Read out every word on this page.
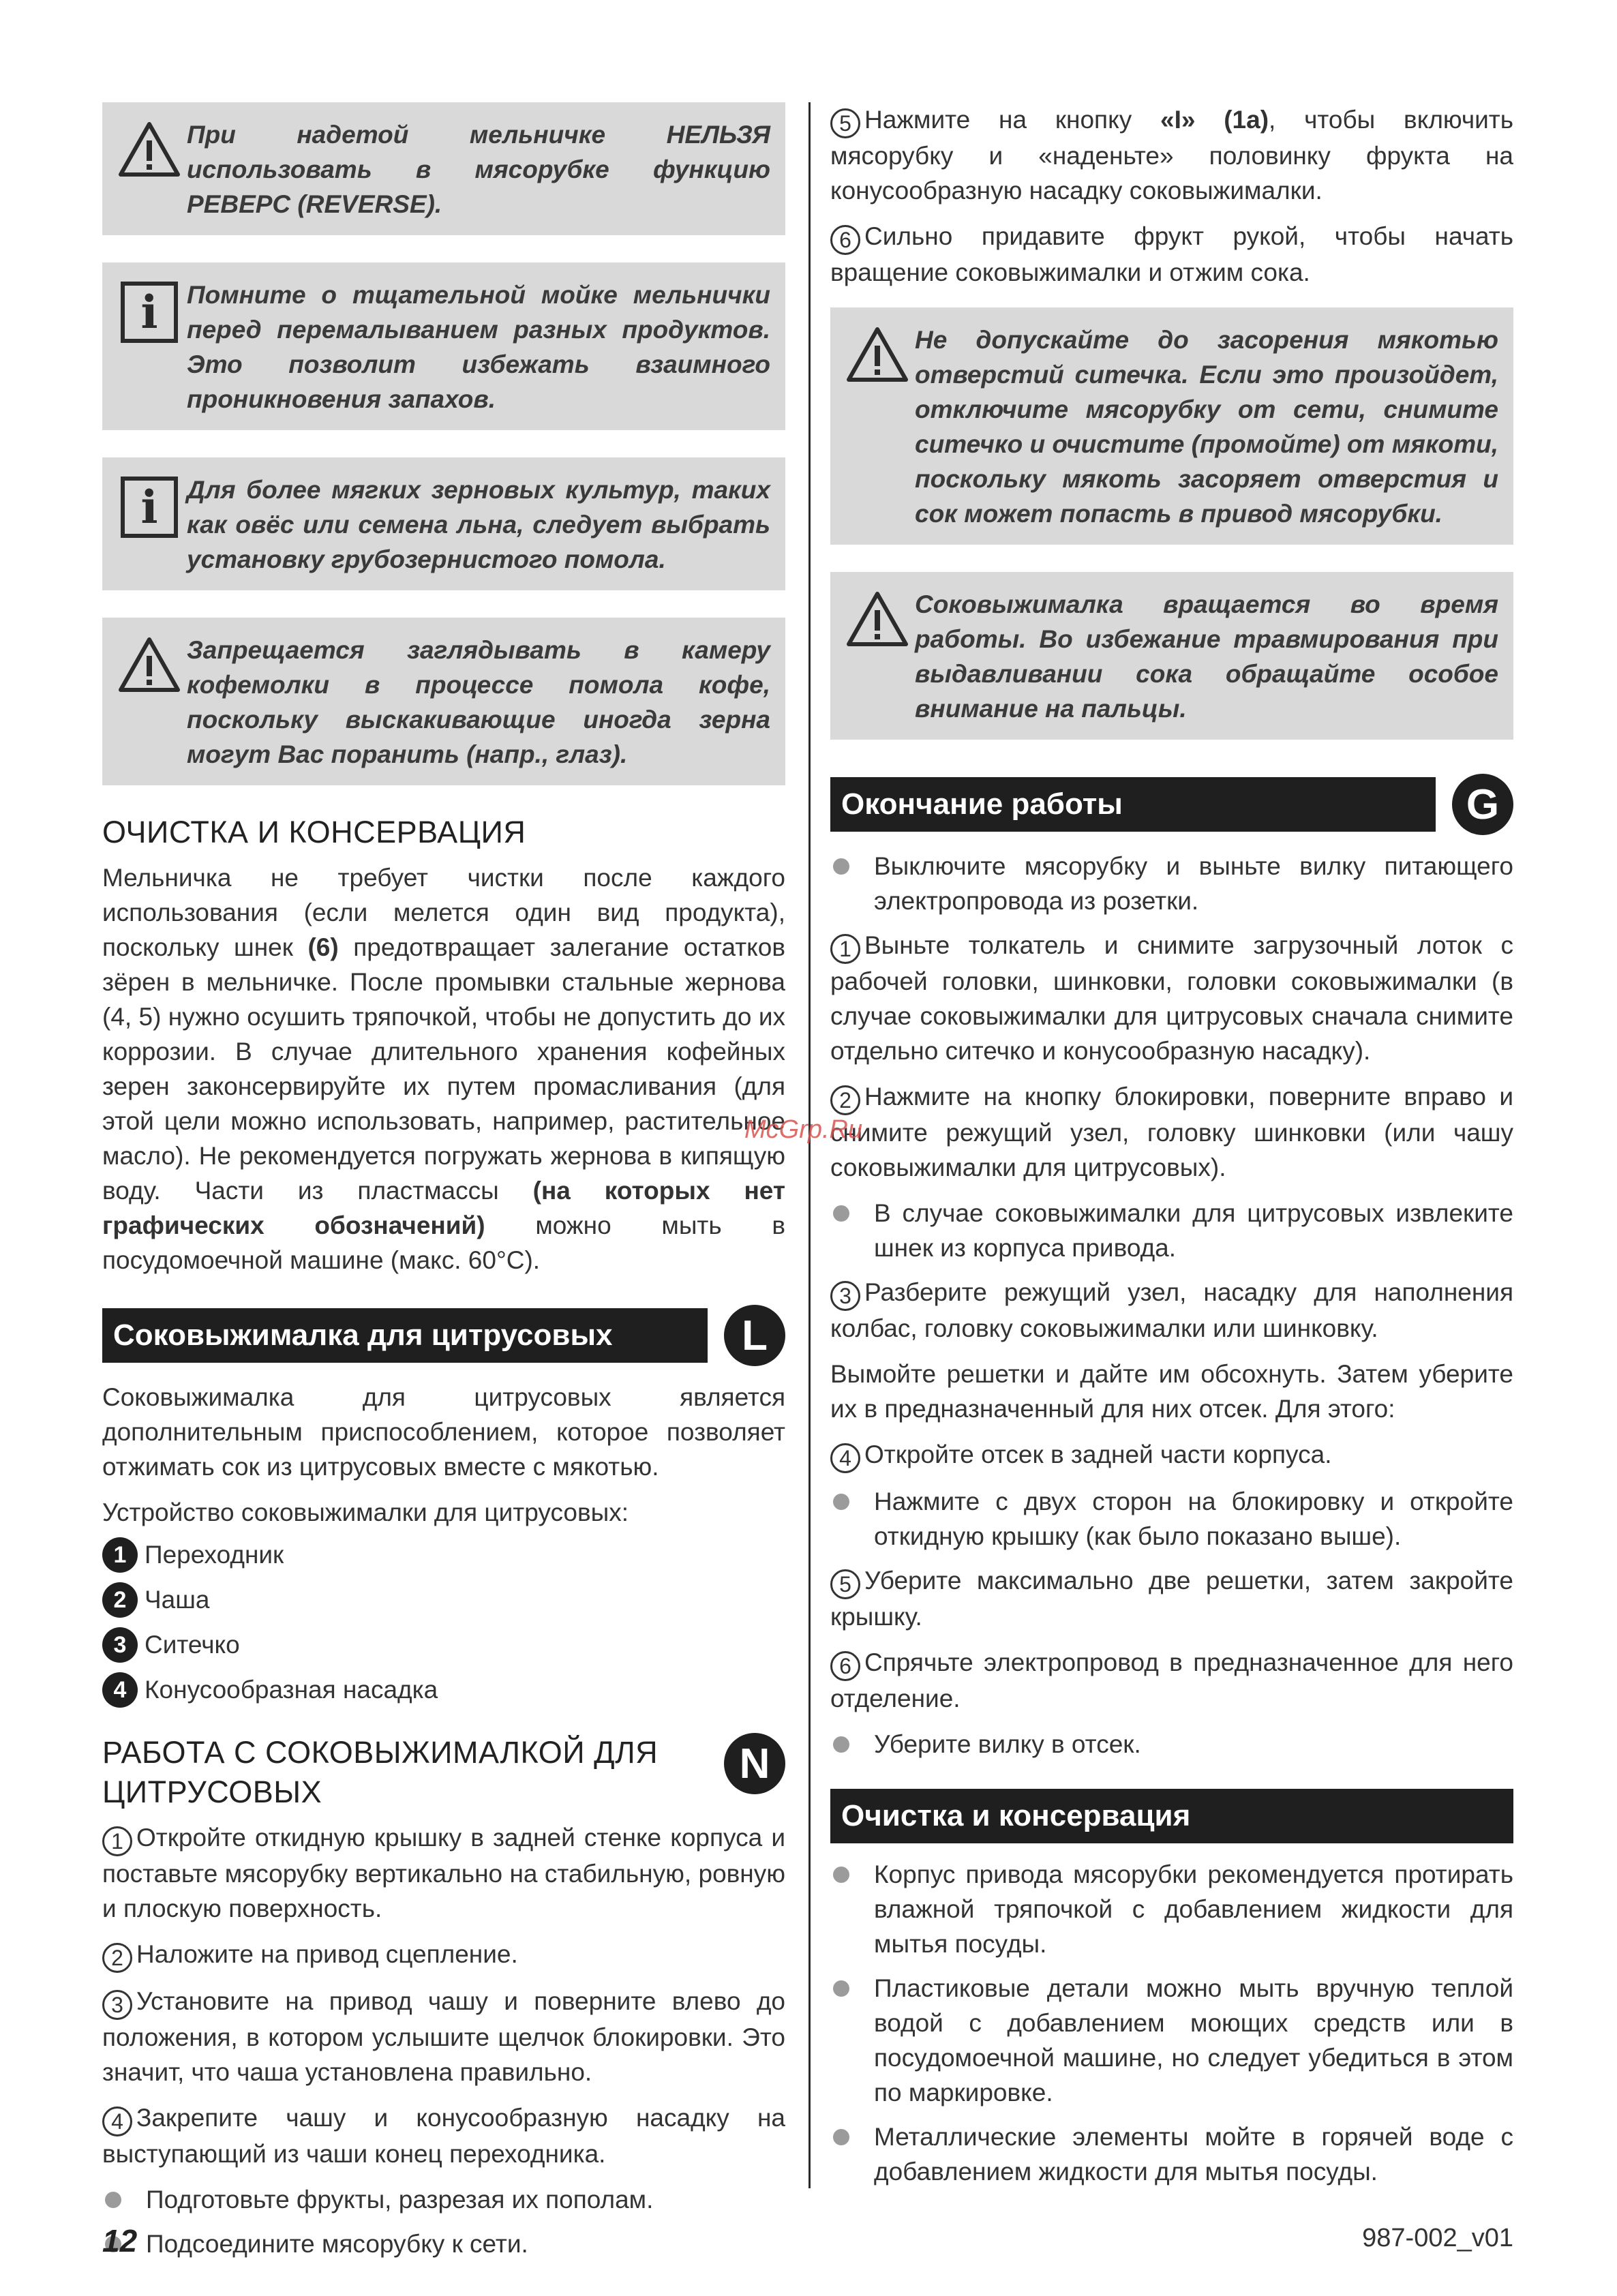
При надетой мельничке НЕЛЬЗЯ использовать в мясорубке функцию РЕВЕРС (REVERSE).
i	Помните о тщательной мойке мельнички перед перемалыванием разных продуктов. Это позволит избежать взаимного проникновения запахов.
i	Для более мягких зерновых культур, таких как овёс или семена льна, следует выбрать установку грубозернистого помола.
Запрещается заглядывать в камеру кофемолки в процессе помола кофе, поскольку выскакивающие иногда зерна могут Вас поранить (напр., глаз).
ОЧИСТКА И КОНСЕРВАЦИЯ

Мельничка не требует чистки после каждого использования (если мелется один вид продукта), поскольку шнек (6) предотвращает залегание остатков зёрен в мельничке. После промывки стальные жернова (4, 5) нужно осушить тряпочкой, чтобы не допустить до их коррозии. В случае длительного хранения кофейных зерен законсервируйте их путем промасливания (для этой цели можно использовать, например, растительное масло). Не рекомендуется погружать жернова в кипящую воду. Части из пластмассы (на которых нет графических обозначений) можно мыть в посудомоечной машине (макс. 60°C).

Соковыжималка для цитрусовых	L

Соковыжималка для цитрусовых является дополнительным приспособлением, которое позволяет отжимать сок из цитрусовых вместе с мякотью.

Устройство соковыжималки для цитрусовых:

1 Переходник
2 Чаша
3 Ситечко
4 Конусообразная насадка
РАБОТА С СОКОВЫЖИМАЛКОЙ ДЛЯ ЦИТРУСОВЫХ
N

1 Откройте откидную крышку в задней стенке корпуса и поставьте мясорубку вертикально на стабильную, ровную и плоскую поверхность.

2 Наложите на привод сцепление.

3 Установите на привод чашу и поверните влево до положения, в котором услышите щелчок блокировки. Это значит, что чаша установлена правильно.

4 Закрепите чашу и конусообразную насадку на выступающий из чаши конец переходника.

Подготовьте фрукты, разрезая их пополам.
Подсоедините мясорубку к сети.

5 Нажмите на кнопку «I» (1a), чтобы включить мясорубку и «наденьте» половинку фрукта на конусообразную насадку соковыжималки.

6 Сильно придавите фрукт рукой, чтобы начать вращение соковыжималки и отжим сока.

Не допускайте до засорения мякотью отверстий ситечка. Если это произойдет, отключите мясорубку от сети, снимите ситечко и очистите (промойте) от мякоти, поскольку мякоть засоряет отверстия и сок может попасть в привод мясорубки.
Соковыжималка вращается во время работы. Во избежание травмирования при выдавливании сока обращайте особое внимание на пальцы.
Окончание работы	G
Выключите мясорубку и выньте вилку питающего электропровода из розетки.

1 Выньте толкатель и снимите загрузочный лоток с рабочей головки, шинковки, головки соковыжималки (в случае соковыжималки для цитрусовых сначала снимите отдельно ситечко и конусообразную насадку).

2 Нажмите на кнопку блокировки, поверните вправо и снимите режущий узел, головку шинковки (или чашу соковыжималки для цитрусовых).

В случае соковыжималки для цитрусовых извлеките шнек из корпуса привода.

3 Разберите режущий узел, насадку для наполнения колбас, головку соковыжималки или шинковку.

Вымойте решетки и дайте им обсохнуть. Затем уберите их в предназначенный для них отсек. Для этого:

4 Откройте отсек в задней части корпуса.

Нажмите с двух сторон на блокировку и откройте откидную крышку (как было показано выше).

5 Уберите максимально две решетки, затем закройте крышку.

6 Спрячьте электропровод в предназначенное для него отделение.

Уберите вилку в отсек.
Очистка и консервация
Корпус привода мясорубки рекомендуется протирать влажной тряпочкой с добавлением жидкости для мытья посуды.
Пластиковые детали можно мыть вручную теплой водой с добавлением моющих средств или в посудомоечной машине, но следует убедиться в этом по маркировке.
Металлические элементы мойте в горячей воде с добавлением жидкости для мытья посуды.
McGrp.Ru
12	987-002_v01
